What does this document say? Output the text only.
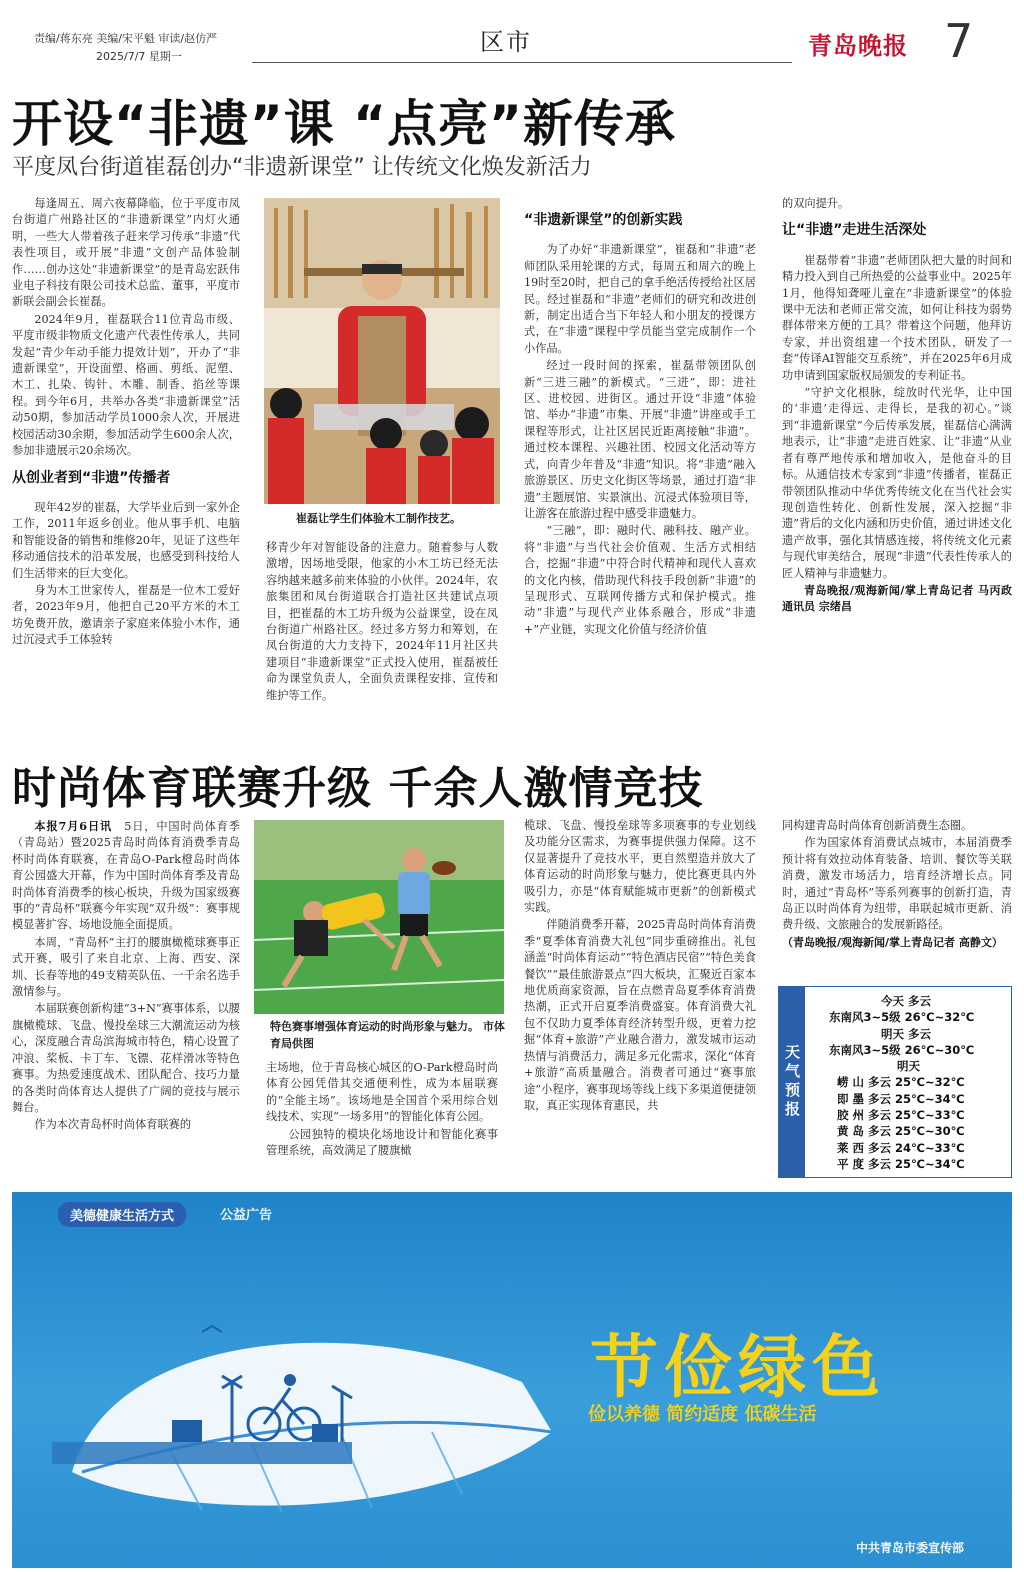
责编/蒋东亮 美编/宋平魁 审读/赵仿严
2025/7/7 星期一
区市	青岛晚报 7
开设“非遗”课 “点亮”新传承
平度凤台街道崔磊创办“非遗新课堂” 让传统文化焕发新活力

每逢周五、周六夜幕降临，位于平度市凤台街道广州路社区的“非遗新课堂”内灯火通明，一些大人带着孩子赶来学习传承“非遗”代表性项目，或开展“非遗”文创产品体验制作……创办这处“非遗新课堂”的是青岛宏跃伟业电子科技有限公司技术总监、董事，平度市新联会副会长崔磊。

2024年9月，崔磊联合11位青岛市级、平度市级非物质文化遗产代表性传承人，共同发起“青少年动手能力提效计划”，开办了“非遗新课堂”，开设面塑、格画、剪纸、泥塑、木工、扎染、钩针、木雕、制香、掐丝等课程。到今年6月，共举办各类“非遗新课堂”活动50期，参加活动学员1000余人次，开展进校园活动30余期，参加活动学生600余人次，参加非遗展示20余场次。

从创业者到“非遗”传播者

现年42岁的崔磊，大学毕业后到一家外企工作，2011年返乡创业。他从事手机、电脑和智能设备的销售和维修20年，见证了这些年移动通信技术的沿革发展，也感受到科技给人们生活带来的巨大变化。

身为木工世家传人，崔磊是一位木工爱好者，2023年9月，他把自己20平方米的木工坊免费开放，邀请亲子家庭来体验小木作，通过沉浸式手工体验转

崔磊让学生们体验木工制作技艺。

移青少年对智能设备的注意力。随着参与人数激增，因场地受限，他家的小木工坊已经无法容纳越来越多前来体验的小伙伴。2024年，农旅集团和凤台街道联合打造社区共建试点项目，把崔磊的木工坊升级为公益课堂，设在凤台街道广州路社区。经过多方努力和筹划，在凤台街道的大力支持下，2024年11月社区共建项目“非遗新课堂”正式投入使用，崔磊被任命为课堂负责人，全面负责课程安排、宣传和维护等工作。

“非遗新课堂”的创新实践

为了办好“非遗新课堂”，崔磊和“非遗”老师团队采用轮课的方式，每周五和周六的晚上19时至20时，把自己的拿手绝活传授给社区居民。经过崔磊和“非遗”老师们的研究和改进创新，制定出适合当下年轻人和小朋友的授课方式，在“非遗”课程中学员能当堂完成制作一个小作品。

经过一段时间的探索，崔磊带领团队创新“三进三融”的新模式。“三进”，即：进社区、进校园、进街区。通过开设“非遗”体验馆、举办“非遗”市集、开展“非遗”讲座或手工课程等形式，让社区居民近距离接触“非遗”。通过校本课程、兴趣社团、校园文化活动等方式，向青少年普及“非遗”知识。将“非遗”融入旅游景区、历史文化街区等场景，通过打造“非遗”主题展馆、实景演出、沉浸式体验项目等，让游客在旅游过程中感受非遗魅力。

“三融”，即：融时代、融科技、融产业。将“非遗”与当代社会价值观、生活方式相结合，挖掘“非遗”中符合时代精神和现代人喜欢的文化内核，借助现代科技手段创新“非遗”的呈现形式、互联网传播方式和保护模式。推动“非遗”与现代产业体系融合，形成“非遗+”产业链，实现文化价值与经济价值

的双向提升。

让“非遗”走进生活深处

崔磊带着“非遗”老师团队把大量的时间和精力投入到自己所热爱的公益事业中。2025年1月，他得知聋哑儿童在“非遗新课堂”的体验课中无法和老师正常交流，如何让科技为弱势群体带来方便的工具？带着这个问题，他拜访专家，并出资组建一个技术团队，研发了一套“传译AI智能交互系统”，并在2025年6月成功申请到国家版权局颁发的专利证书。

“守护文化根脉，绽放时代光华，让中国的‘非遗’走得远、走得长，是我的初心。”谈到“非遗新课堂”今后传承发展，崔磊信心满满地表示，让“非遗”走进百姓家、让“非遗”从业者有尊严地传承和增加收入，是他奋斗的目标。从通信技术专家到“非遗”传播者，崔磊正带领团队推动中华优秀传统文化在当代社会实现创造性转化、创新性发展，深入挖掘“非遗”背后的文化内涵和历史价值，通过讲述文化遗产故事，强化其情感连接，将传统文化元素与现代审美结合，展现“非遗”代表性传承人的匠人精神与非遗魅力。

青岛晚报/观海新闻/掌上青岛记者 马丙政 通讯员 宗绪昌

时尚体育联赛升级 千余人激情竞技

本报7月6日讯　 5日，中国时尚体育季（青岛站）暨2025青岛时尚体育消费季青岛杯时尚体育联赛，在青岛O-Park橙岛时尚体育公园盛大开幕，作为中国时尚体育季及青岛时尚体育消费季的核心板块，升级为国家级赛事的“青岛杯”联赛今年实现“双升级”：赛事规模显著扩容、场地设施全面提质。

本周，“青岛杯”主打的腰旗橄榄球赛事正式开赛，吸引了来自北京、上海、西安、深圳、长春等地的49支精英队伍、一千余名选手激情参与。

本届联赛创新构建“3+N”赛事体系，以腰旗橄榄球、飞盘、慢投垒球三大潮流运动为核心，深度融合青岛滨海城市特色，精心设置了冲浪、桨板、卡丁车、飞镖、花样滑冰等特色赛事。为热爱速度战术、团队配合、技巧力量的各类时尚体育达人提供了广阔的竞技与展示舞台。

作为本次青岛杯时尚体育联赛的

特色赛事增强体育运动的时尚形象与魅力。 市体育局供图

主场地，位于青岛核心城区的O-Park橙岛时尚体育公园凭借其交通便利性，成为本届联赛的“全能主场”。该场地是全国首个采用综合划线技术、实现“一场多用”的智能化体育公园。

公园独特的模块化场地设计和智能化赛事管理系统，高效满足了腰旗橄

榄球、飞盘、慢投垒球等多项赛事的专业划线及功能分区需求，为赛事提供强力保障。这不仅显著提升了竞技水平，更自然塑造并放大了体育运动的时尚形象与魅力，使比赛更具内外吸引力，亦是“体育赋能城市更新”的创新模式实践。

伴随消费季开幕，2025青岛时尚体育消费季“夏季体育消费大礼包”同步重磅推出。礼包涵盖“时尚体育运动”“特色酒店民宿”“特色美食餐饮”“最佳旅游景点”四大板块，汇聚近百家本地优质商家资源，旨在点燃青岛夏季体育消费热潮，正式开启夏季消费盛宴。体育消费大礼包不仅助力夏季体育经济转型升级，更着力挖掘“体育+旅游”产业融合潜力，激发城市运动热情与消费活力，满足多元化需求，深化“体育+旅游”高质量融合。消费者可通过“赛事旅途”小程序，赛事现场等线上线下多渠道便捷领取，真正实现体育惠民，共

同构建青岛时尚体育创新消费生态圈。

作为国家体育消费试点城市，本届消费季预计将有效拉动体育装备、培训、餐饮等关联消费，激发市场活力，培育经济增长点。同时，通过“青岛杯”等系列赛事的创新打造，青岛正以时尚体育为纽带，串联起城市更新、消费升级、文旅融合的发展新路径。

（青岛晚报/观海新闻/掌上青岛记者 高静文）

天气预报
今天 多云
东南风3~5级 26℃~32℃
明天 多云
东南风3~5级 26℃~30℃
明天
崂 山 多云 25℃~32℃
即 墨 多云 25℃~34℃
胶 州 多云 25℃~33℃
黄 岛 多云 25℃~30℃
莱 西 多云 24℃~33℃
平 度 多云 25℃~34℃
美德健康生活方式	公益广告
节俭绿色
俭以养德 简约适度 低碳生活
中共青岛市委宣传部
